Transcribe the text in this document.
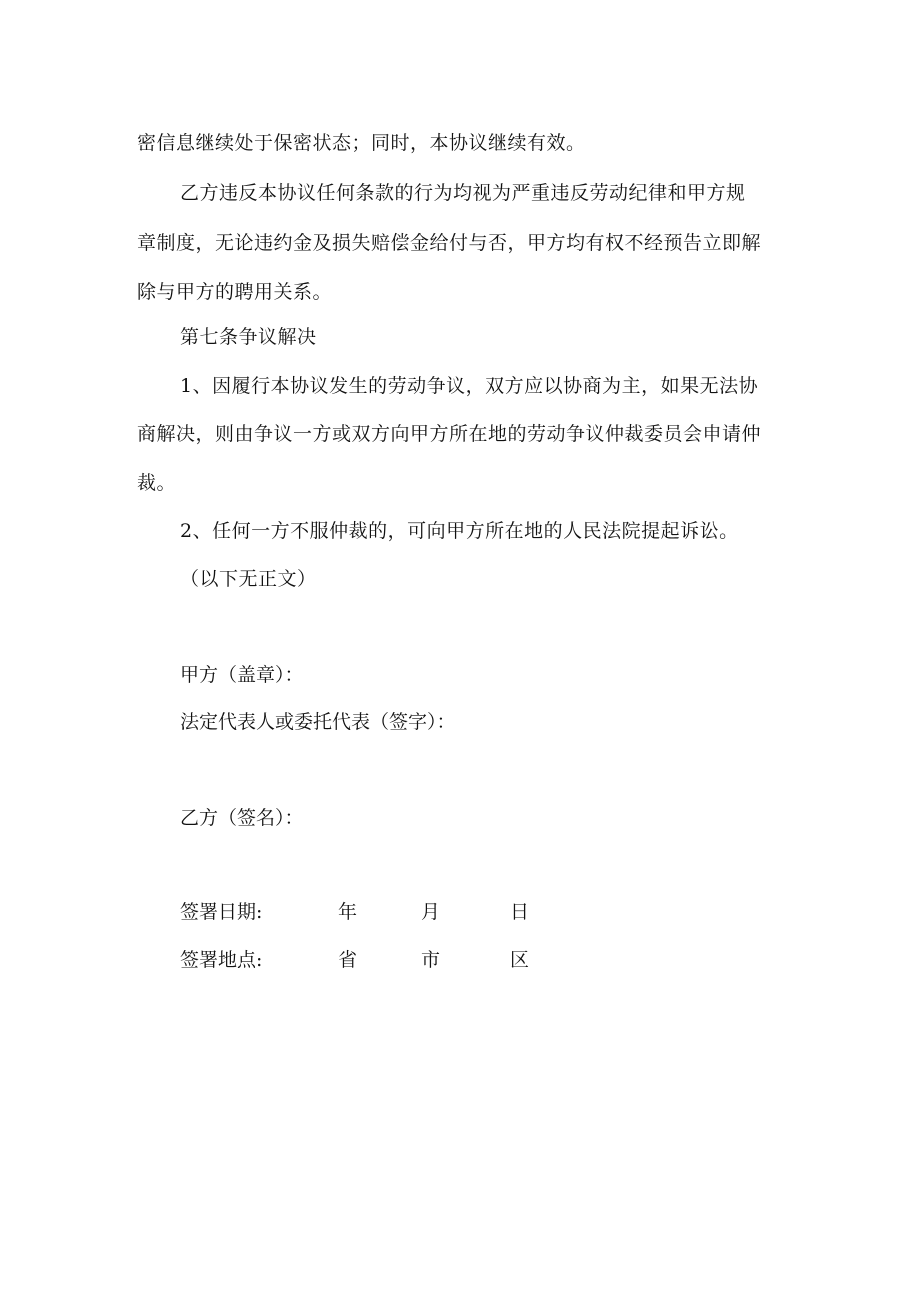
密信息继续处于保密状态；同时，本协议继续有效。
乙方违反本协议任何条款的行为均视为严重违反劳动纪律和甲方规
章制度，无论违约金及损失赔偿金给付与否，甲方均有权不经预告立即解
除与甲方的聘用关系。
第七条争议解决
1、因履行本协议发生的劳动争议，双方应以协商为主，如果无法协
商解决，则由争议一方或双方向甲方所在地的劳动争议仲裁委员会申请仲
裁。
2、任何一方不服仲裁的，可向甲方所在地的人民法院提起诉讼。
（以下无正文）
甲方（盖章）：
法定代表人或委托代表（签字）：
乙方（签名）：
签署日期:	年	月	日
签署地点:	省	市	区
